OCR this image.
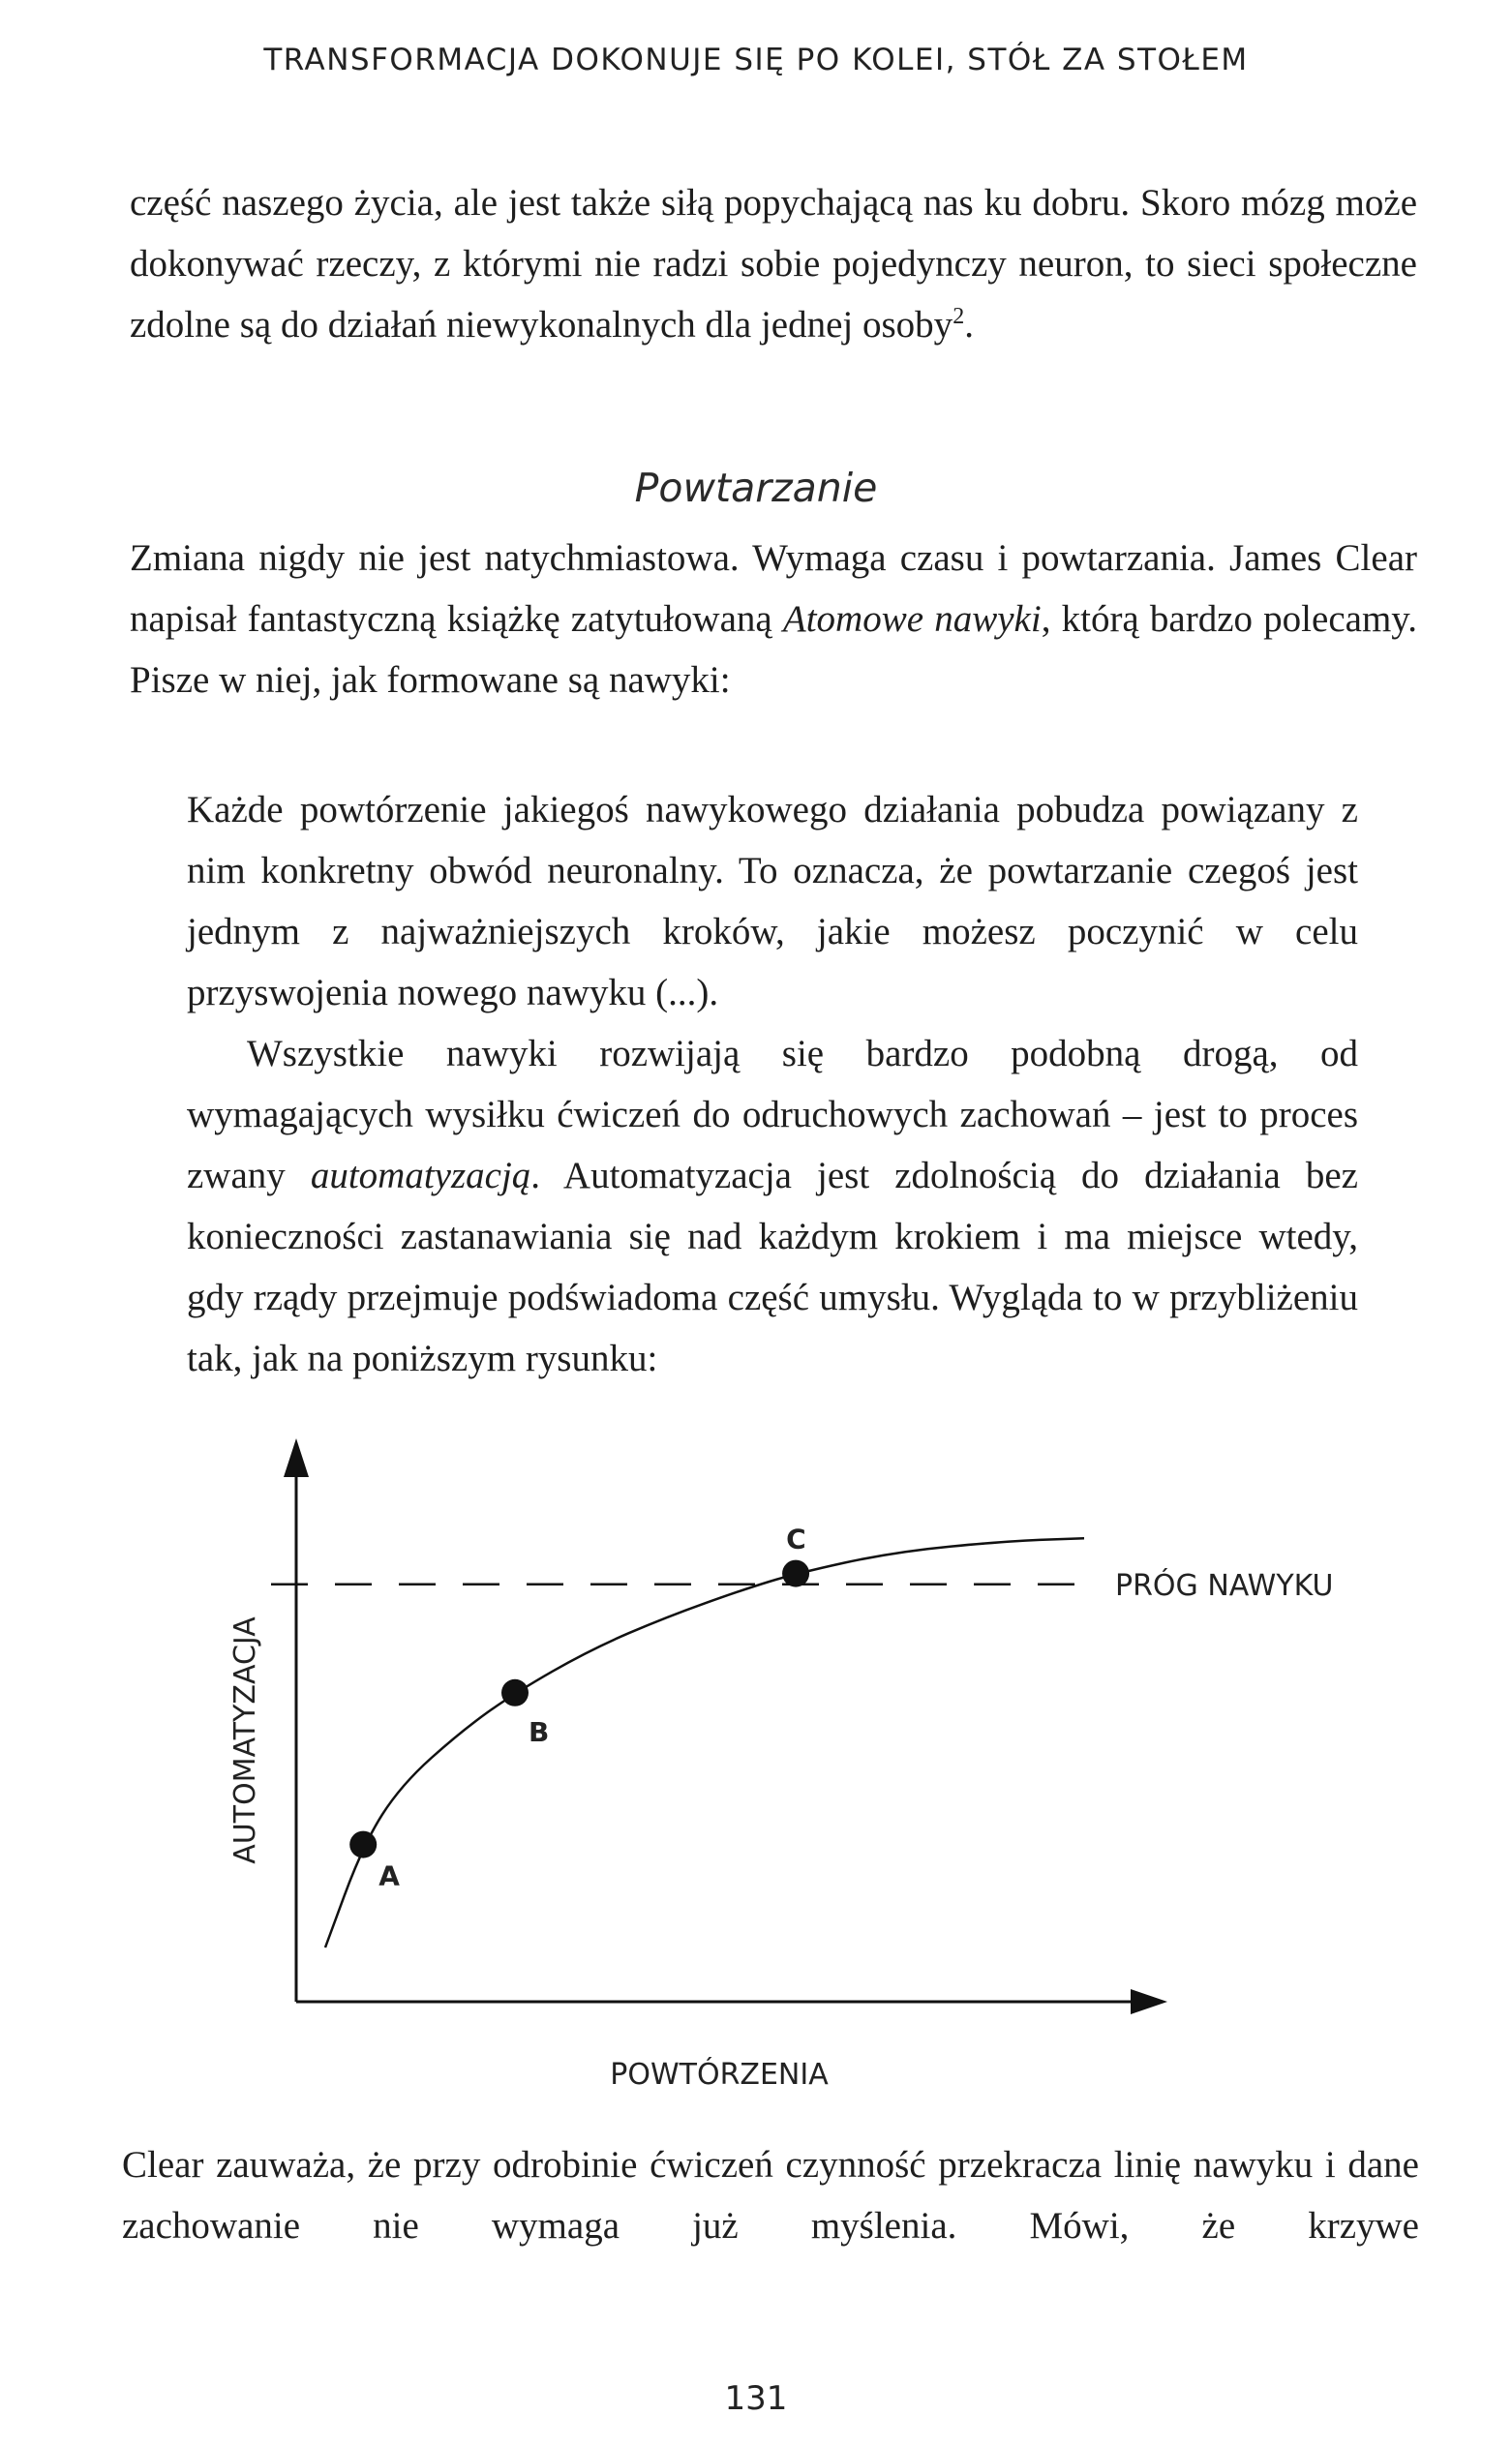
TRANSFORMACJA DOKONUJE SIĘ PO KOLEI, STÓŁ ZA STOŁEM
część naszego życia, ale jest także siłą popychającą nas ku dobru. Skoro mózg może dokonywać rzeczy, z którymi nie radzi sobie pojedynczy neuron, to sieci społeczne zdolne są do działań niewykonalnych dla jednej osoby$^2$.
Powtarzanie
Zmiana nigdy nie jest natychmiastowa. Wymaga czasu i powtarzania. James Clear napisał fantastyczną książkę zatytułowaną Atomowe nawyki, którą bardzo polecamy. Pisze w niej, jak formowane są nawyki:
Każde powtórzenie jakiegoś nawykowego działania pobudza powiązany z nim konkretny obwód neuronalny. To oznacza, że powtarzanie czegoś jest jednym z najważniejszych kroków, jakie możesz poczynić w celu przyswojenia nowego nawyku (...).
Wszystkie nawyki rozwijają się bardzo podobną drogą, od wymagających wysiłku ćwiczeń do odruchowych zachowań – jest to proces zwany automatyzacją. Automatyzacja jest zdolnością do działania bez konieczności zastanawiania się nad każdym krokiem i ma miejsce wtedy, gdy rządy przejmuje podświadoma część umysłu. Wygląda to w przybliżeniu tak, jak na poniższym rysunku:
PRÓG NAWYKU
A
B
C
AUTOMATYZACJA
POWTÓRZENIA
Clear zauważa, że przy odrobinie ćwiczeń czynność przekracza linię nawyku i dane zachowanie nie wymaga już myślenia. Mówi, że krzywe
131
